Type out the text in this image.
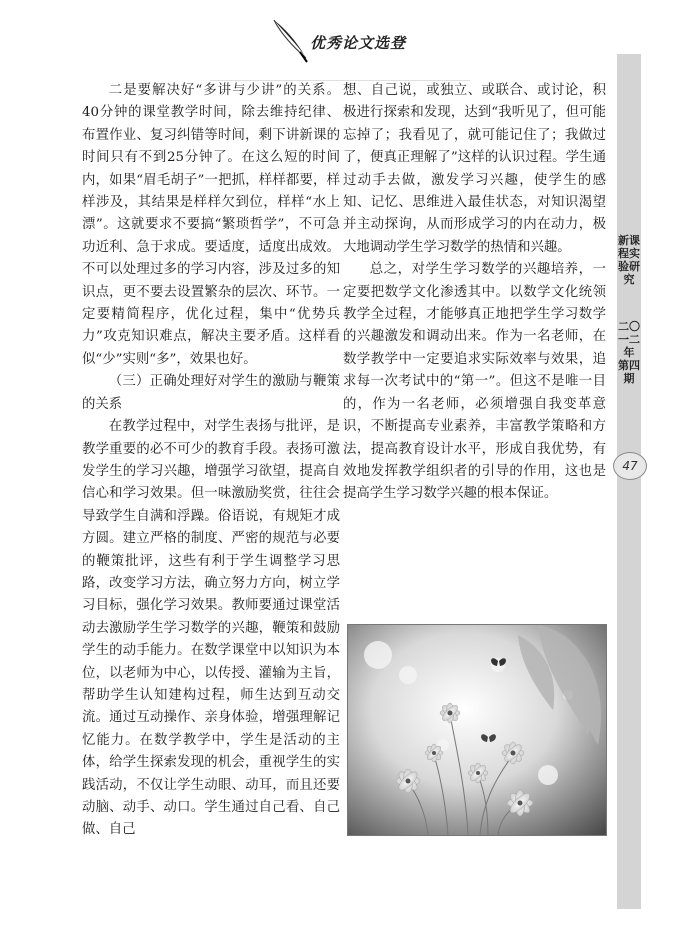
优秀论文选登

二是要解决好“多讲与少讲”的关系。40分钟的课堂教学时间，除去维持纪律、布置作业、复习纠错等时间，剩下讲新课的时间只有不到25分钟了。在这么短的时间内，如果“眉毛胡子”一把抓，样样都要，样样涉及，其结果是样样欠到位，样样“水上漂”。这就要求不要搞“繁琐哲学”，不可急功近利、急于求成。要适度，适度出成效。不可以处理过多的学习内容，涉及过多的知识点，更不要去设置繁杂的层次、环节。一定要精简程序，优化过程，集中“优势兵力”攻克知识难点，解决主要矛盾。这样看似“少”实则“多”，效果也好。

（三）正确处理好对学生的激励与鞭策的关系

在教学过程中，对学生表扬与批评，是教学重要的必不可少的教育手段。表扬可激发学生的学习兴趣，增强学习欲望，提高自信心和学习效果。但一味激励奖赏，往往会导致学生自满和浮躁。俗语说，有规矩才成方圆。建立严格的制度、严密的规范与必要的鞭策批评，这些有利于学生调整学习思路，改变学习方法，确立努力方向，树立学习目标，强化学习效果。教师要通过课堂活动去激励学生学习数学的兴趣，鞭策和鼓励学生的动手能力。在数学课堂中以知识为本位，以老师为中心，以传授、灌输为主旨，帮助学生认知建构过程，师生达到互动交流。通过互动操作、亲身体验，增强理解记忆能力。在数学教学中，学生是活动的主体，给学生探索发现的机会，重视学生的实践活动，不仅让学生动眼、动耳，而且还要动脑、动手、动口。学生通过自己看、自己做、自己

想、自己说，或独立、或联合、或讨论，积极进行探索和发现，达到“我听见了，但可能忘掉了；我看见了，就可能记住了；我做过了，便真正理解了”这样的认识过程。学生通过动手去做，激发学习兴趣，使学生的感知、记忆、思维进入最佳状态，对知识渴望并主动探询，从而形成学习的内在动力，极大地调动学生学习数学的热情和兴趣。

总之，对学生学习数学的兴趣培养，一定要把数学文化渗透其中。以数学文化统领教学全过程，才能够真正地把学生学习数学的兴趣激发和调动出来。作为一名老师，在数学教学中一定要追求实际效率与效果，追求每一次考试中的“第一”。但这不是唯一目的，作为一名老师，必须增强自我变革意识，不断提高专业素养，丰富教学策略和方法，提高教育设计水平，形成自我优势，有效地发挥教学组织者的引导的作用，这也是提高学生学习数学兴趣的根本保证。

新课程实验研究
二〇一二年
第四期
47
